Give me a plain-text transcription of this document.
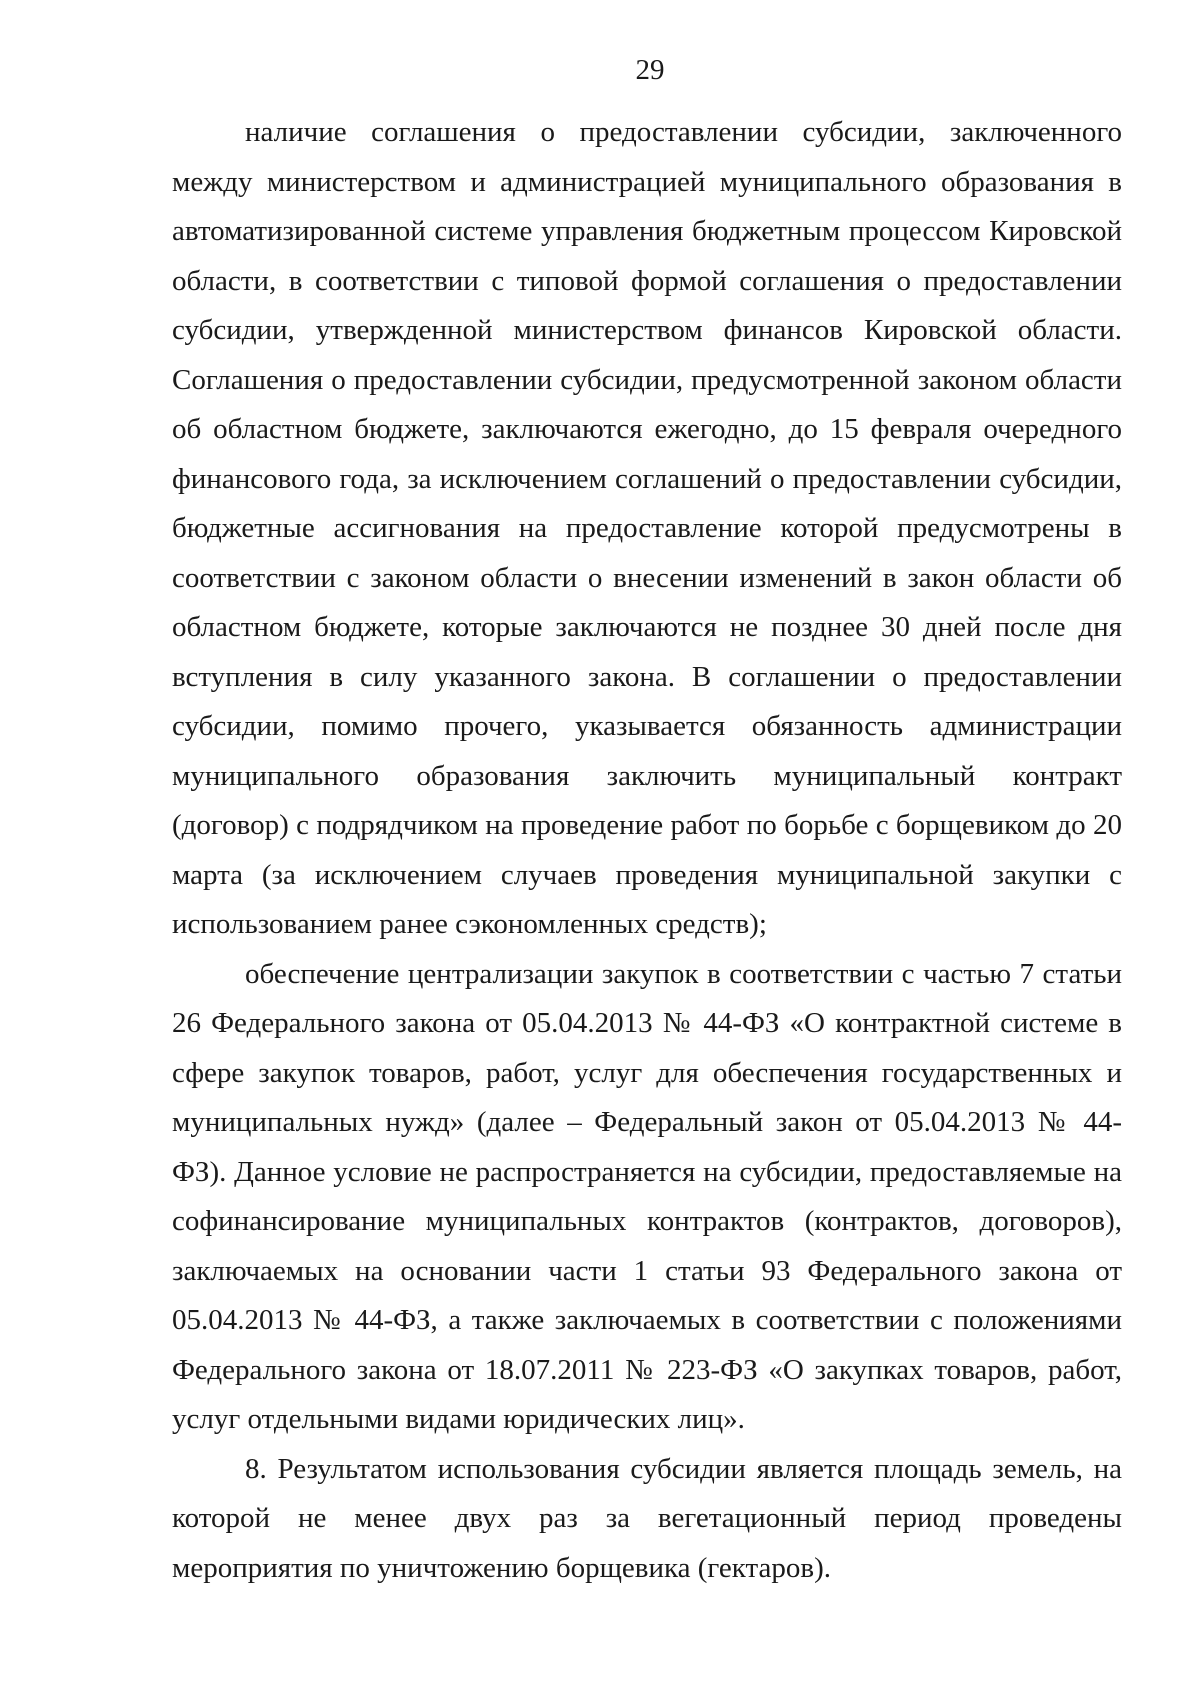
29

наличие соглашения о предоставлении субсидии, заключенного между министерством и администрацией муниципального образования в автоматизированной системе управления бюджетным процессом Кировской области, в соответствии с типовой формой соглашения о предоставлении субсидии, утвержденной министерством финансов Кировской области. Соглашения о предоставлении субсидии, предусмотренной законом области об областном бюджете, заключаются ежегодно, до 15 февраля очередного финансового года, за исключением соглашений о предоставлении субсидии, бюджетные ассигнования на предоставление которой предусмотрены в соответствии с законом области о внесении изменений в закон области об областном бюджете, которые заключаются не позднее 30 дней после дня вступления в силу указанного закона. В соглашении о предоставлении субсидии, помимо прочего, указывается обязанность администрации муниципального образования заключить муниципальный контракт (договор) с подрядчиком на проведение работ по борьбе с борщевиком до 20 марта (за исключением случаев проведения муниципальной закупки с использованием ранее сэкономленных средств);

обеспечение централизации закупок в соответствии с частью 7 статьи 26 Федерального закона от 05.04.2013 № 44-ФЗ «О контрактной системе в сфере закупок товаров, работ, услуг для обеспечения государственных и муниципальных нужд» (далее – Федеральный закон от 05.04.2013 № 44-ФЗ). Данное условие не распространяется на субсидии, предоставляемые на софинансирование муниципальных контрактов (контрактов, договоров), заключаемых на основании части 1 статьи 93 Федерального закона от 05.04.2013 № 44-ФЗ, а также заключаемых в соответствии с положениями Федерального закона от 18.07.2011 № 223-ФЗ «О закупках товаров, работ, услуг отдельными видами юридических лиц».

8. Результатом использования субсидии является площадь земель, на которой не менее двух раз за вегетационный период проведены мероприятия по уничтожению борщевика (гектаров).
